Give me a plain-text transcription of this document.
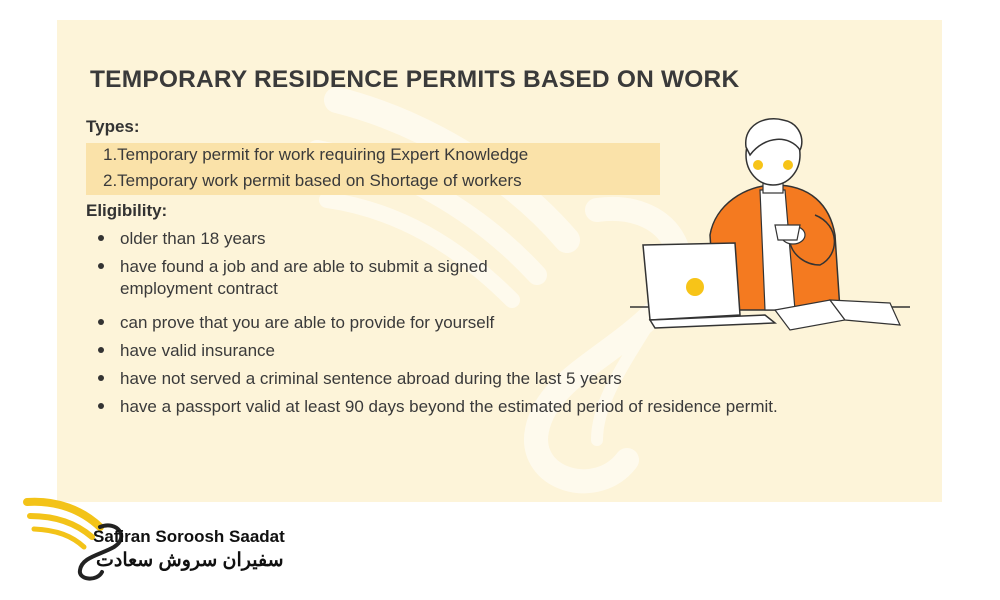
TEMPORARY RESIDENCE PERMITS BASED ON WORK
Types:
1.Temporary permit for work requiring Expert Knowledge
2.Temporary work permit based on Shortage of workers
Eligibility:
older than 18 years
have found a job and are able to submit a signed    employment contract
can prove that you are able to provide for yourself
have valid insurance
have not served a criminal sentence abroad during the last 5 years
have a passport valid at least 90 days beyond the estimated period of residence permit.
Safiran Soroosh Saadat
سفیران سروش سعادت
